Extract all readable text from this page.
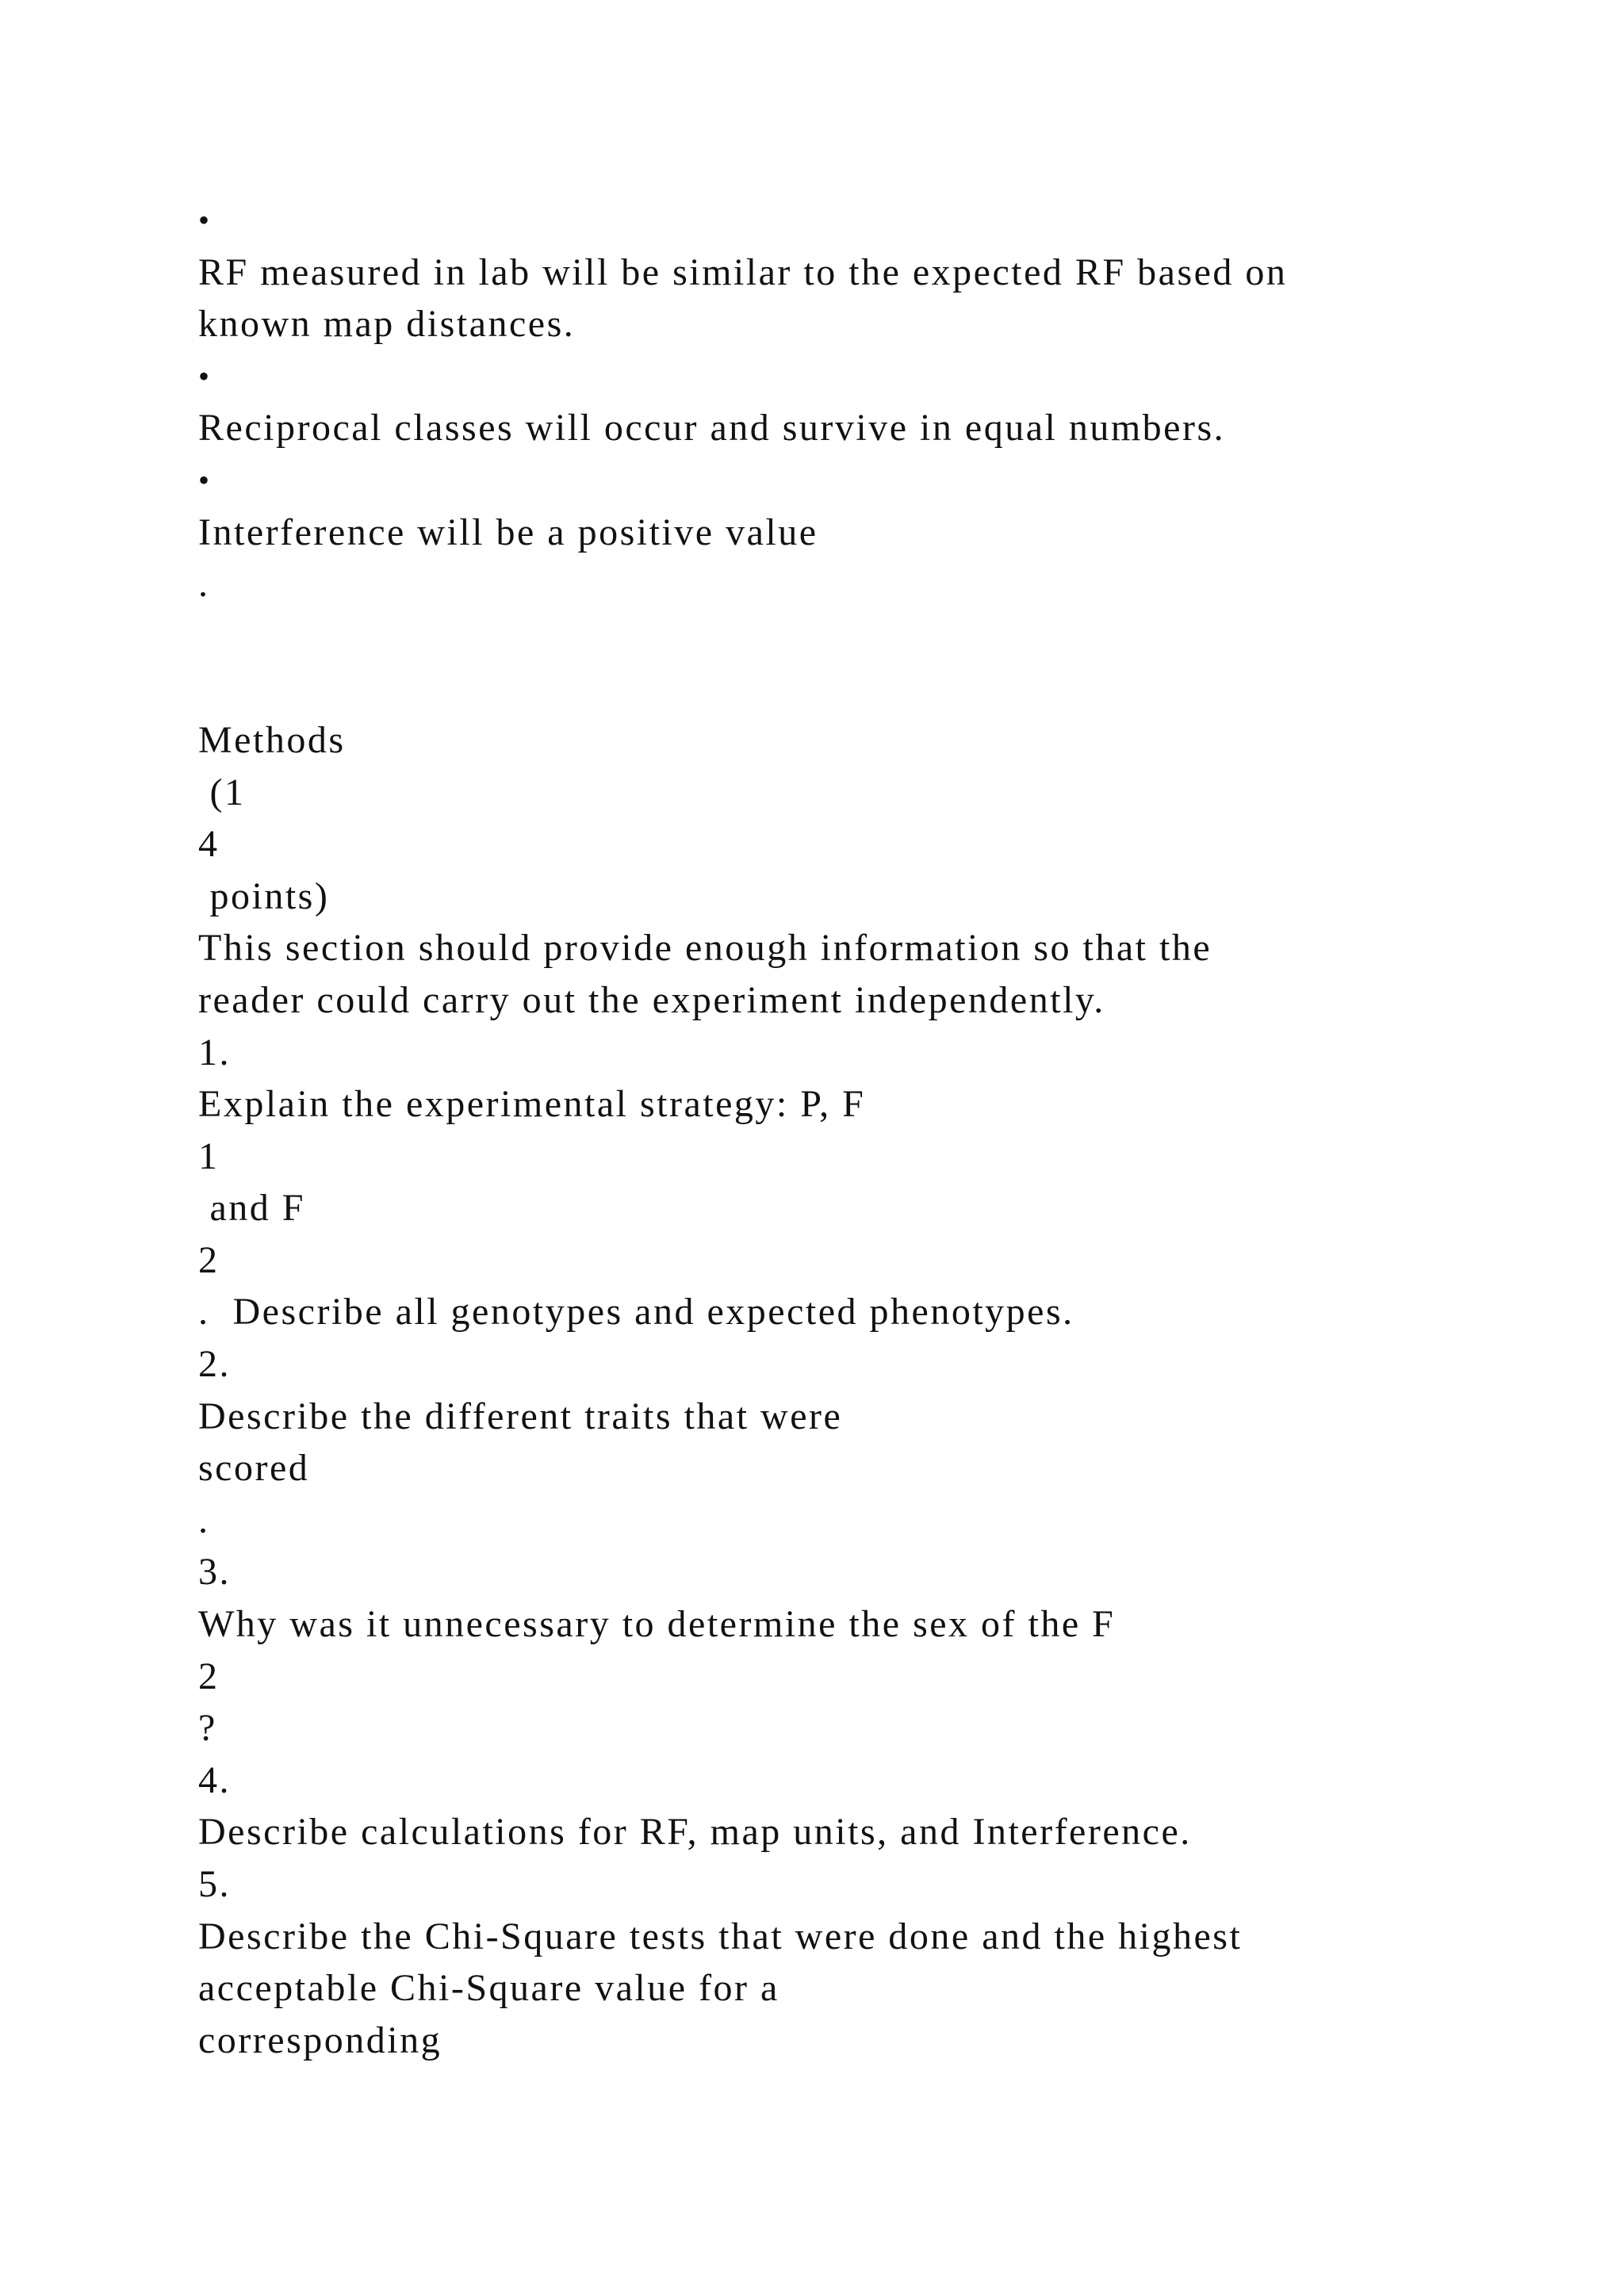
•
RF measured in lab will be similar to the expected RF based on
known map distances.
•
Reciprocal classes will occur and survive in equal numbers.
•
Interference will be a positive value
.
Methods
(1
4
points)
This section should provide enough information so that the
reader could carry out the experiment independently.
1.
Explain the experimental strategy: P, F
1
and F
2
.  Describe all genotypes and expected phenotypes.
2.
Describe the different traits that were
scored
.
3.
Why was it unnecessary to determine the sex of the F
2
?
4.
Describe calculations for RF, map units, and Interference.
5.
Describe the Chi-Square tests that were done and the highest
acceptable Chi-Square value for a
corresponding
